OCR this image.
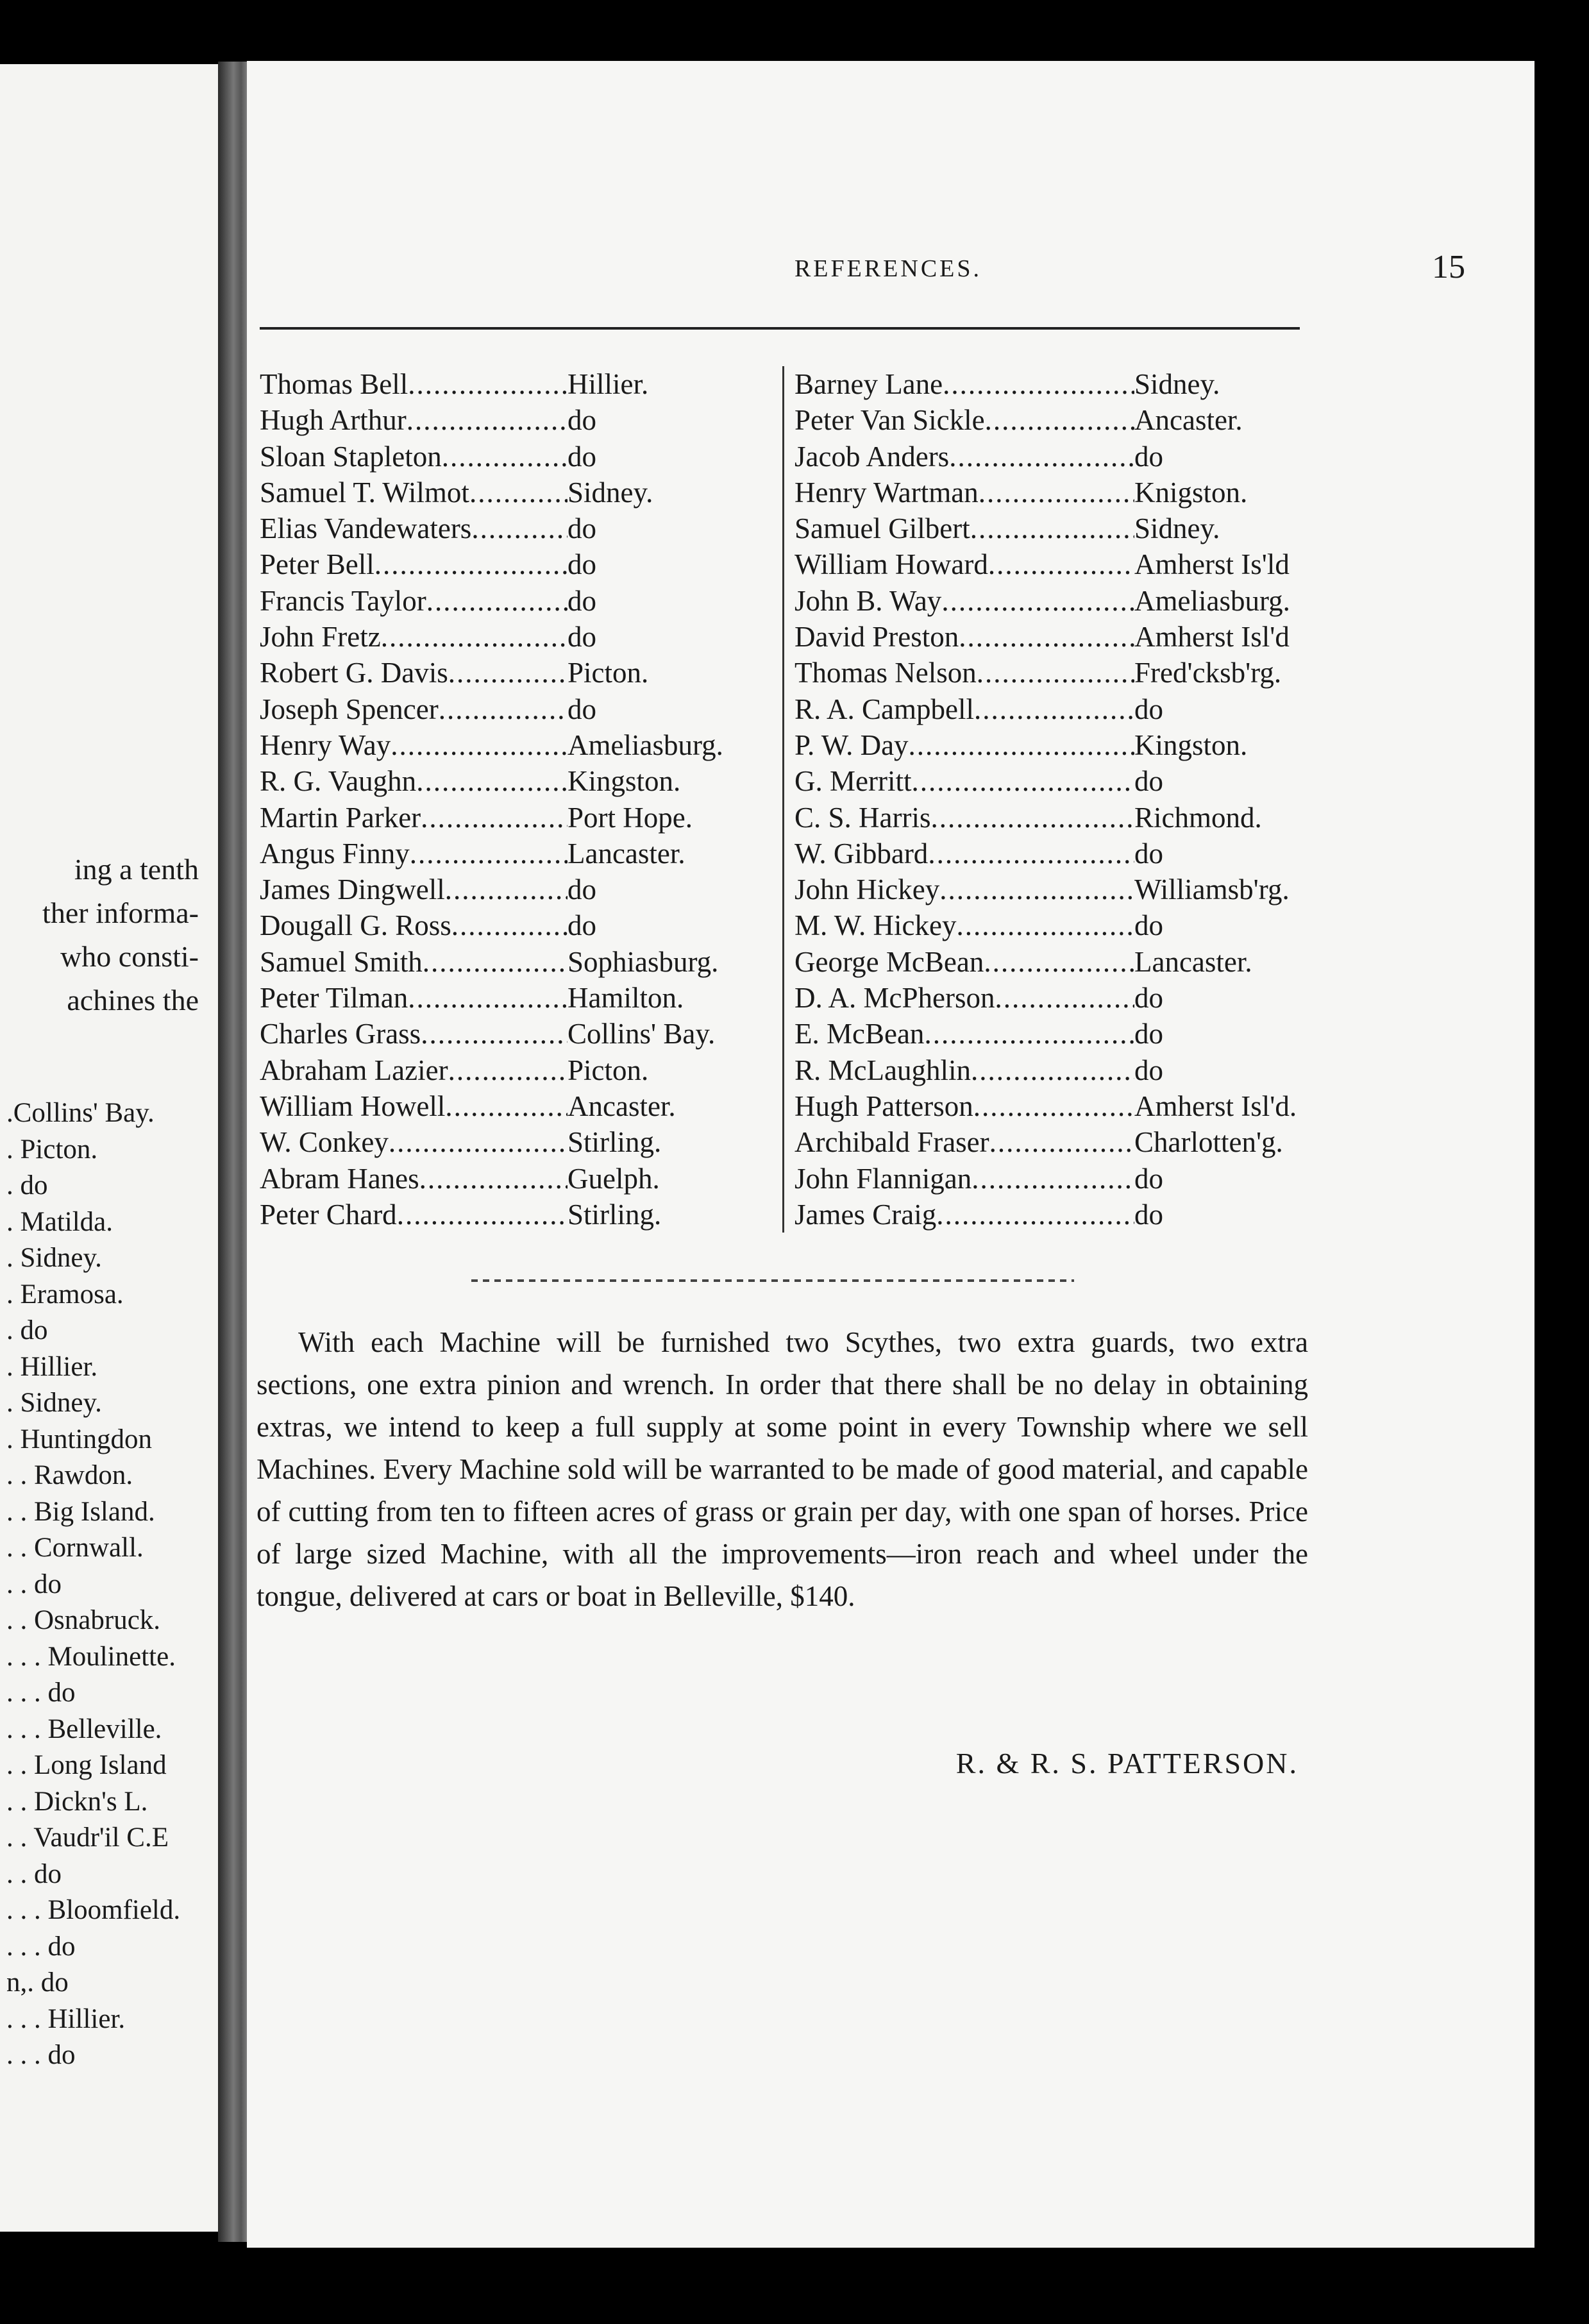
ing a tenth
ther informa-
who consti-
achines the
.Collins' Bay.
. Picton.
. do
. Matilda.
. Sidney.
. Eramosa.
. do
. Hillier.
. Sidney.
. Huntingdon
. . Rawdon.
. . Big Island.
. . Cornwall.
. . do
. . Osnabruck.
. . . Moulinette.
. . . do
. . . Belleville.
. . Long Island
. . Dickn's L.
. . Vaudr'il C.E
. . do
. . . Bloomfield.
. . . do
n,. do
. . . Hillier.
. . . do
REFERENCES.	15
Thomas Bell .....	Hillier.
Hugh Arthur .....	do
Sloan Stapleton .....	do
Samuel T. Wilmot .....	Sidney.
Elias Vandewaters .....	do
Peter Bell .....	do
Francis Taylor .....	do
John Fretz .....	do
Robert G. Davis .....	Picton.
Joseph Spencer .....	do
Henry Way .....	Ameliasburg.
R. G. Vaughn .....	Kingston.
Martin Parker .....	Port Hope.
Angus Finny .....	Lancaster.
James Dingwell .....	do
Dougall G. Ross .....	do
Samuel Smith .....	Sophiasburg.
Peter Tilman .....	Hamilton.
Charles Grass .....	Collins' Bay.
Abraham Lazier .....	Picton.
William Howell .....	Ancaster.
W. Conkey .....	Stirling.
Abram Hanes .....	Guelph.
Peter Chard .....	Stirling.
Barney Lane .....	Sidney.
Peter Van Sickle .....	Ancaster.
Jacob Anders .....	do
Henry Wartman .....	Knigston.
Samuel Gilbert .....	Sidney.
William Howard .....	Amherst Is'ld
John B. Way .....	Ameliasburg.
David Preston .....	Amherst Isl'd
Thomas Nelson .....	Fred'cksb'rg.
R. A. Campbell .....	do
P. W. Day .....	Kingston.
G. Merritt .....	do
C. S. Harris .....	Richmond.
W. Gibbard .....	do
John Hickey .....	Williamsb'rg.
M. W. Hickey .....	do
George McBean .....	Lancaster.
D. A. McPherson .....	do
E. McBean .....	do
R. McLaughlin .....	do
Hugh Patterson .....	Amherst Isl'd.
Archibald Fraser .....	Charlotten'g.
John Flannigan .....	do
James Craig .....	do
With each Machine will be furnished two Scythes, two extra guards, two extra sections, one extra pinion and wrench. In order that there shall be no delay in obtaining extras, we intend to keep a full supply at some point in every Township where we sell Machines. Every Machine sold will be warranted to be made of good material, and capable of cutting from ten to fifteen acres of grass or grain per day, with one span of horses. Price of large sized Machine, with all the improvements—iron reach and wheel under the tongue, delivered at cars or boat in Belleville, $140.
R. & R. S. PATTERSON.
